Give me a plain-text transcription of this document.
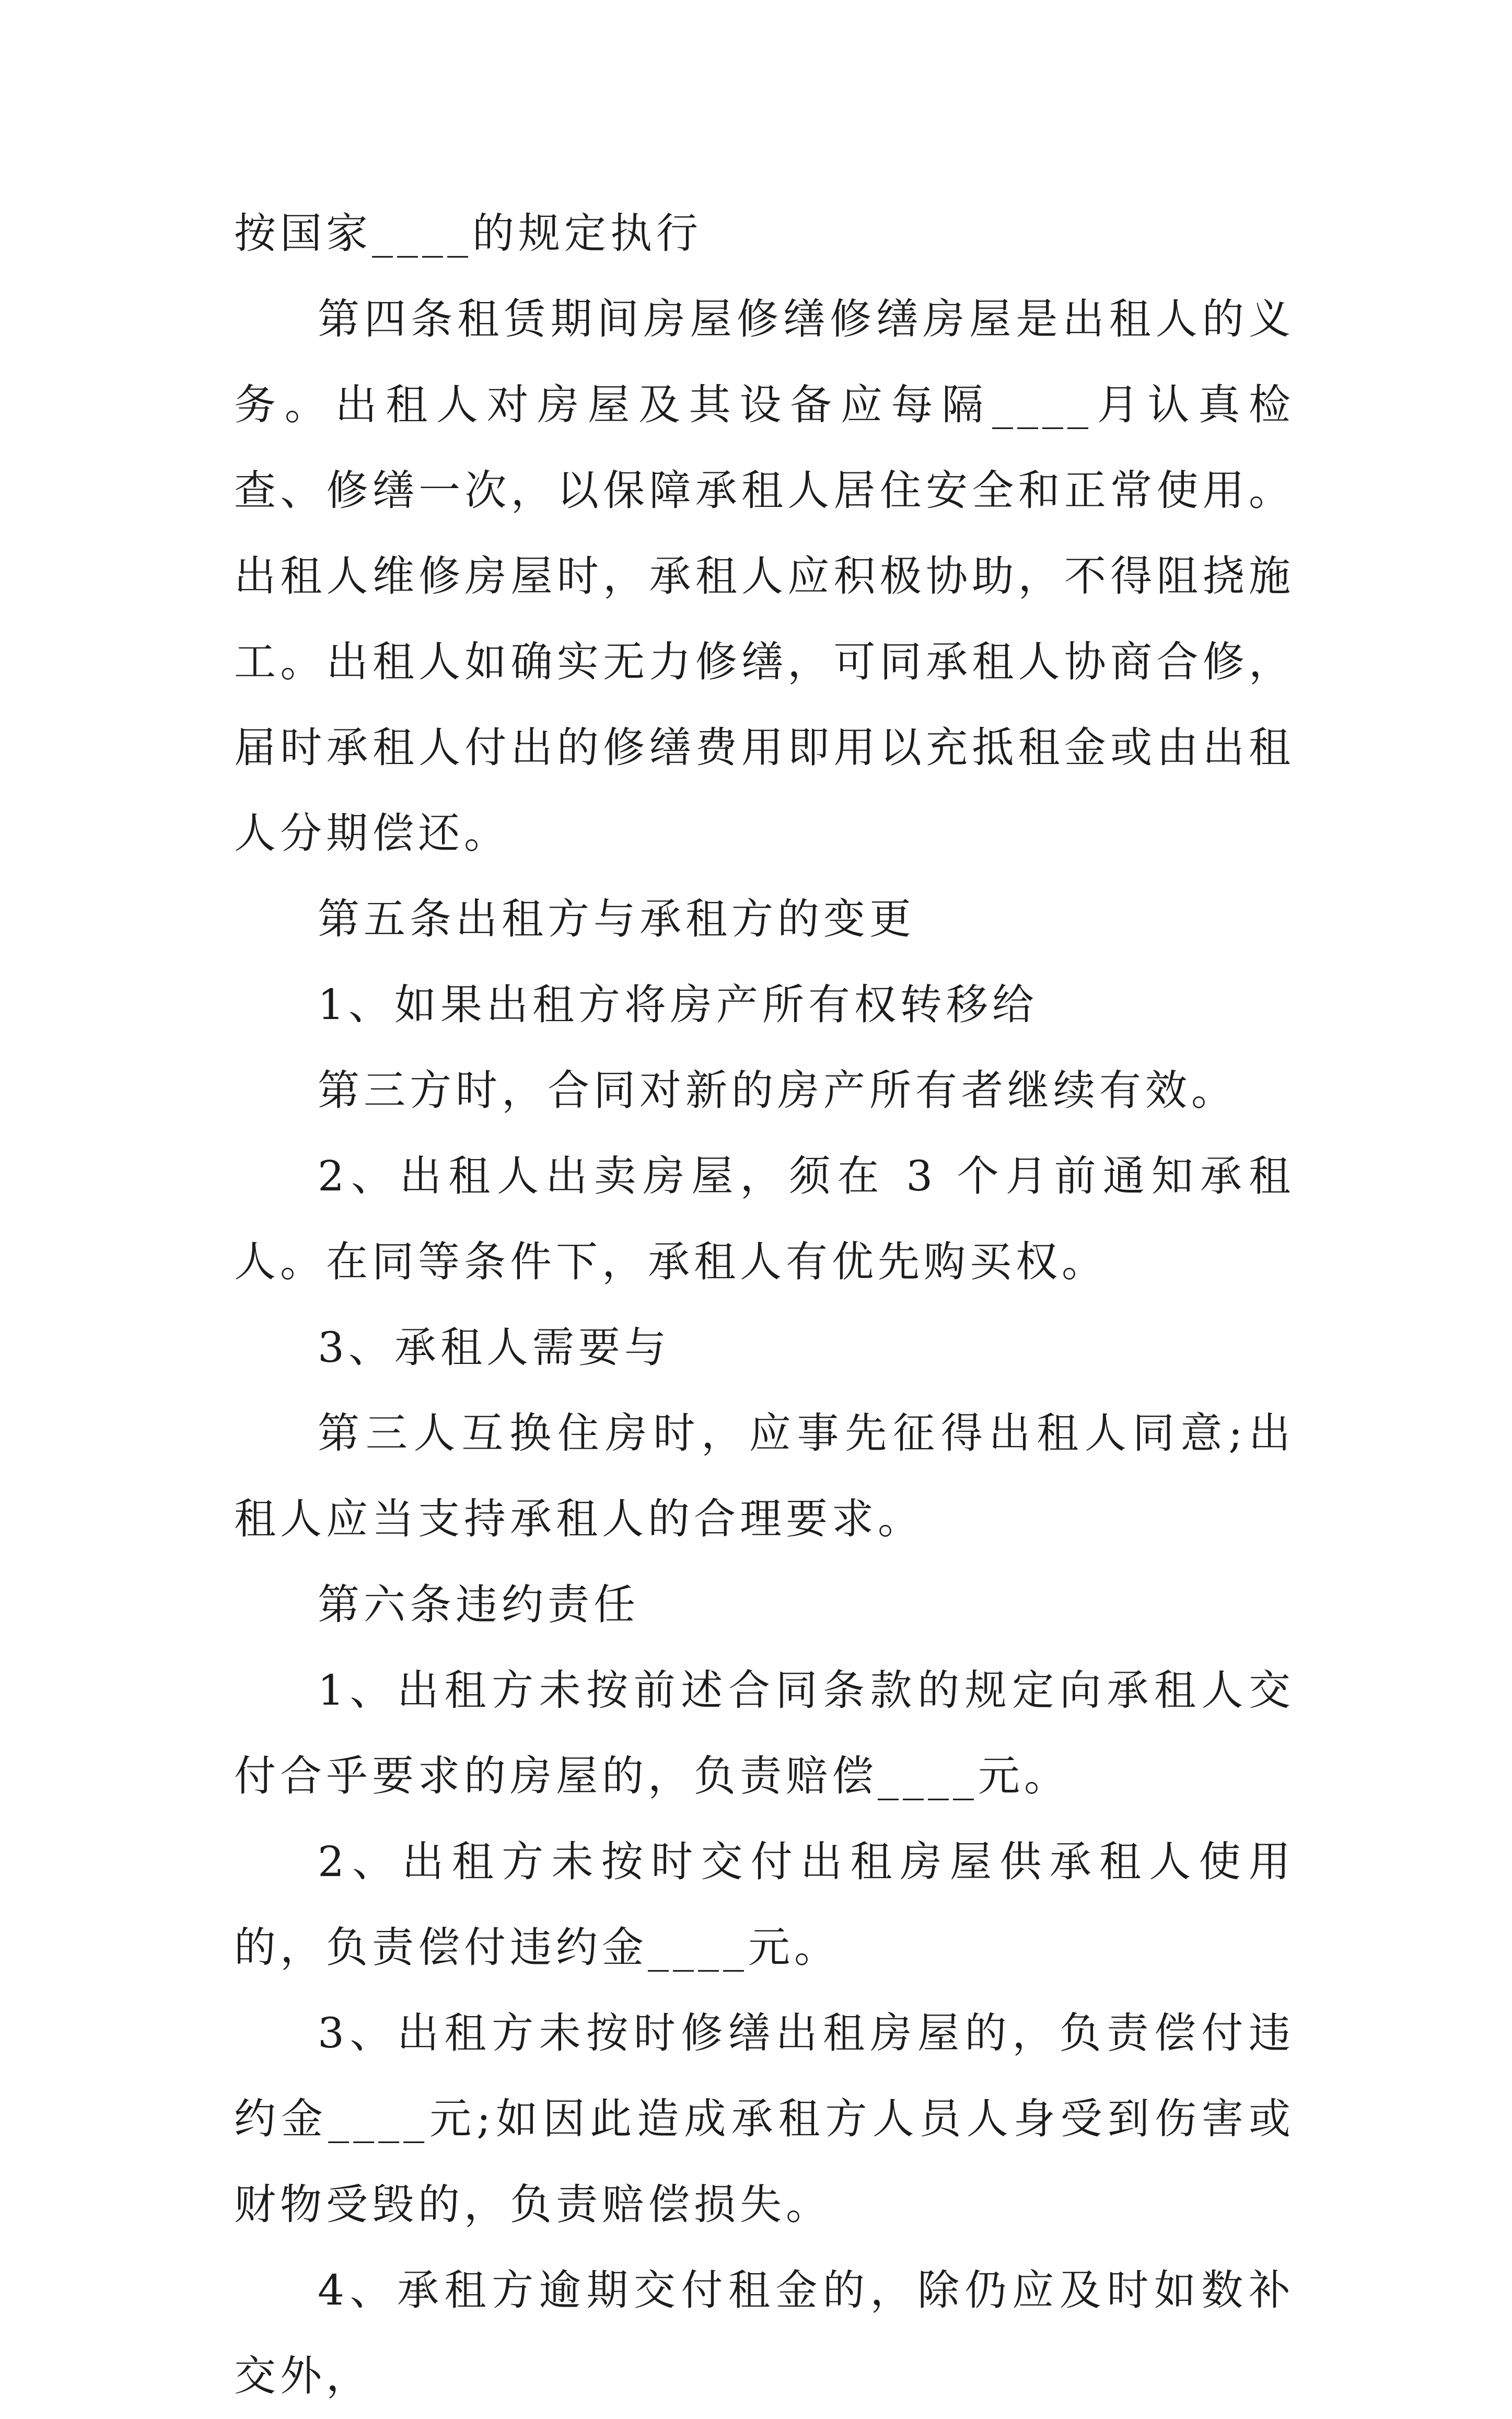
按国家____的规定执行

第四条租赁期间房屋修缮修缮房屋是出租人的义务。出租人对房屋及其设备应每隔____月认真检查、修缮一次，以保障承租人居住安全和正常使用。出租人维修房屋时，承租人应积极协助，不得阻挠施工。出租人如确实无力修缮，可同承租人协商合修，届时承租人付出的修缮费用即用以充抵租金或由出租人分期偿还。

第五条出租方与承租方的变更

1、如果出租方将房产所有权转移给

第三方时，合同对新的房产所有者继续有效。

2、出租人出卖房屋，须在 3 个月前通知承租人。在同等条件下，承租人有优先购买权。

3、承租人需要与

第三人互换住房时，应事先征得出租人同意;出租人应当支持承租人的合理要求。

第六条违约责任

1、出租方未按前述合同条款的规定向承租人交付合乎要求的房屋的，负责赔偿____元。

2、出租方未按时交付出租房屋供承租人使用的，负责偿付违约金____元。

3、出租方未按时修缮出租房屋的，负责偿付违约金____元;如因此造成承租方人员人身受到伤害或财物受毁的，负责赔偿损失。

4、承租方逾期交付租金的，除仍应及时如数补交外，
